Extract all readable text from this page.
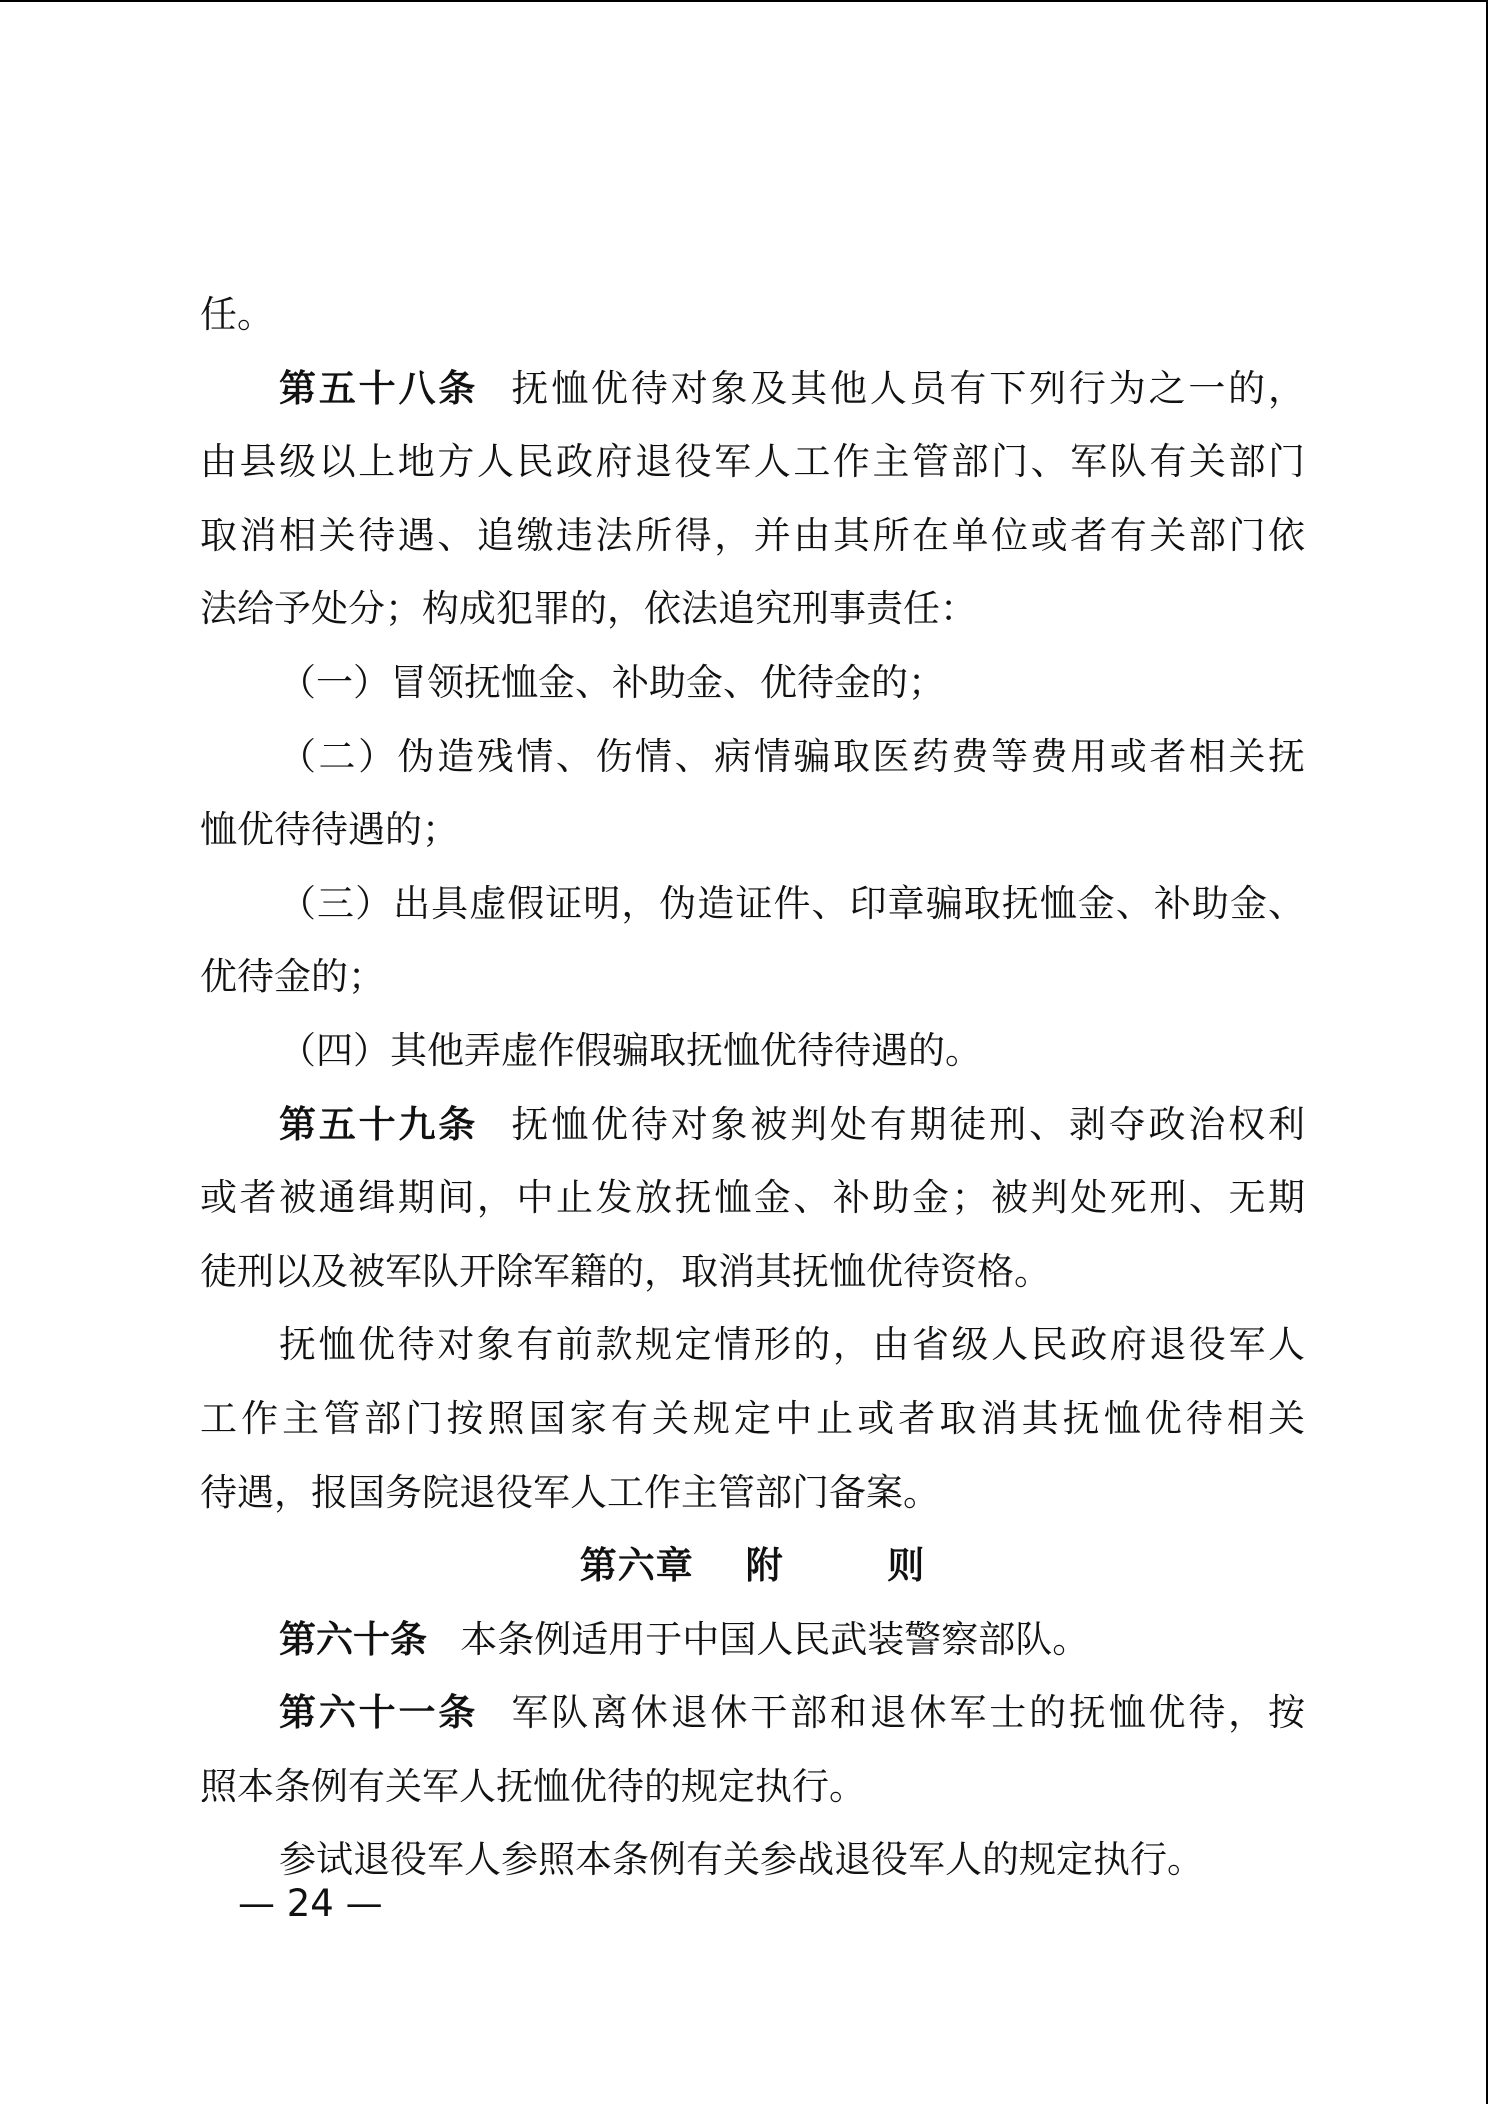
任。
第五十八条 抚恤优待对象及其他人员有下列行为之一的，
由县级以上地方人民政府退役军人工作主管部门、军队有关部门
取消相关待遇、追缴违法所得，并由其所在单位或者有关部门依
法给予处分；构成犯罪的，依法追究刑事责任：
（一）冒领抚恤金、补助金、优待金的；
（二）伪造残情、伤情、病情骗取医药费等费用或者相关抚
恤优待待遇的；
（三）出具虚假证明，伪造证件、印章骗取抚恤金、补助金、
优待金的；
（四）其他弄虚作假骗取抚恤优待待遇的。
第五十九条 抚恤优待对象被判处有期徒刑、剥夺政治权利
或者被通缉期间，中止发放抚恤金、补助金；被判处死刑、无期
徒刑以及被军队开除军籍的，取消其抚恤优待资格。
抚恤优待对象有前款规定情形的，由省级人民政府退役军人
工作主管部门按照国家有关规定中止或者取消其抚恤优待相关
待遇，报国务院退役军人工作主管部门备案。
第六章 附	则
第六十条 本条例适用于中国人民武装警察部队。
第六十一条 军队离休退休干部和退休军士的抚恤优待，按
照本条例有关军人抚恤优待的规定执行。
参试退役军人参照本条例有关参战退役军人的规定执行。
— 24 —
